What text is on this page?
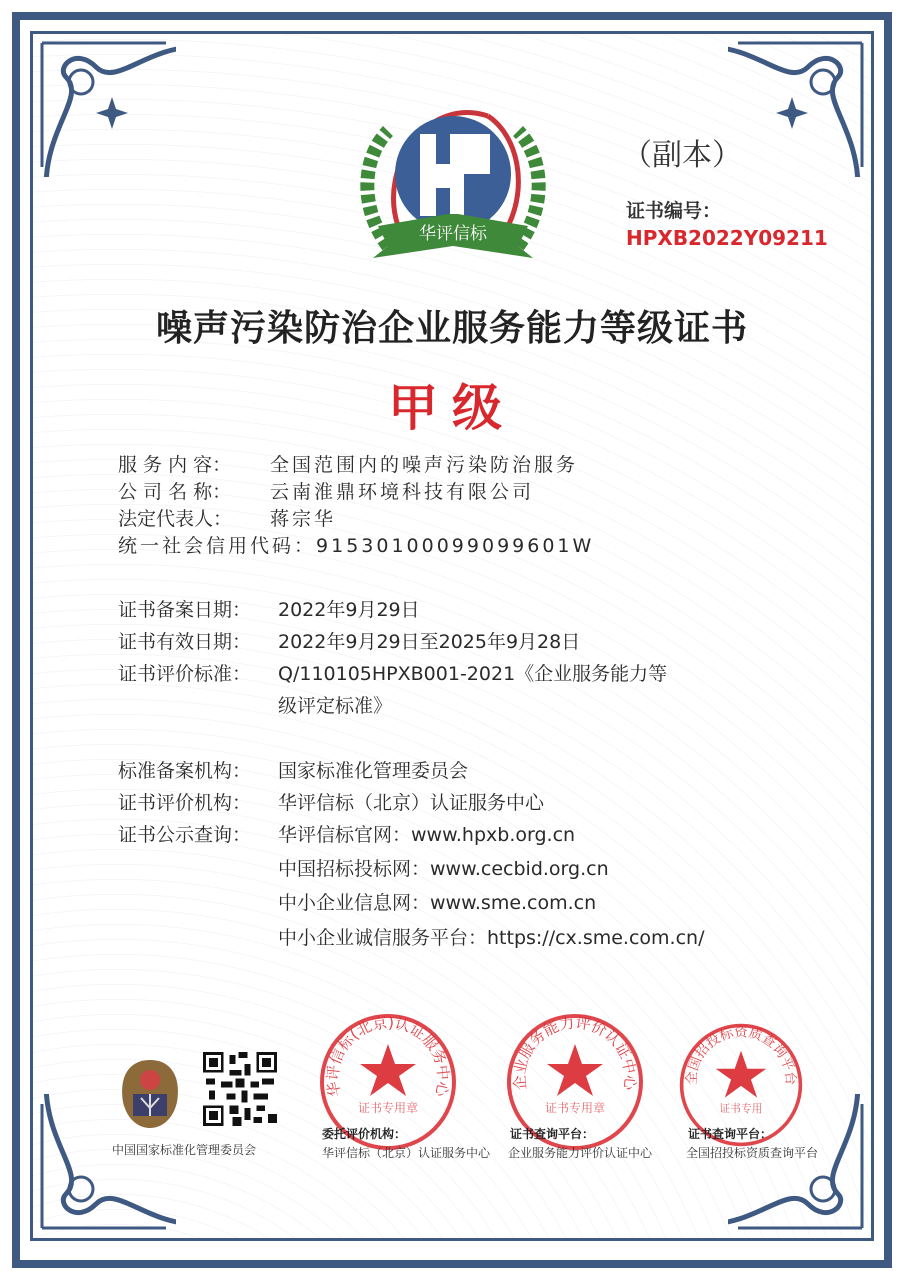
华评信标
（副本）
证书编号：
HPXB2022Y09211
噪声污染防治企业服务能力等级证书
甲级
服 务 内 容： 全国范围内的噪声污染防治服务
公 司 名 称： 云南淮鼎环境科技有限公司
法定代表人： 蒋宗华
统一社会信用代码：91530100099099601W
证书备案日期： 2022年9月29日
证书有效日期： 2022年9月29日至2025年9月28日
证书评价标准： Q/110105HPXB001-2021《企业服务能力等
级评定标准》
标准备案机构： 国家标准化管理委员会
证书评价机构： 华评信标（北京）认证服务中心
证书公示查询： 华评信标官网：www.hpxb.org.cn
中国招标投标网：www.cecbid.org.cn
中小企业信息网：www.sme.com.cn
中小企业诚信服务平台：https://cx.sme.com.cn/
中国国家标准化管理委员会
华评信标(北京)认证服务中心
证书专用章
企业服务能力评价认证中心
证书专用章
全国招投标资质查询平台
证书专用
委托评价机构：
华评信标（北京）认证服务中心
证书查询平台：
企业服务能力评价认证中心
证书查询平台：
全国招投标资质查询平台
